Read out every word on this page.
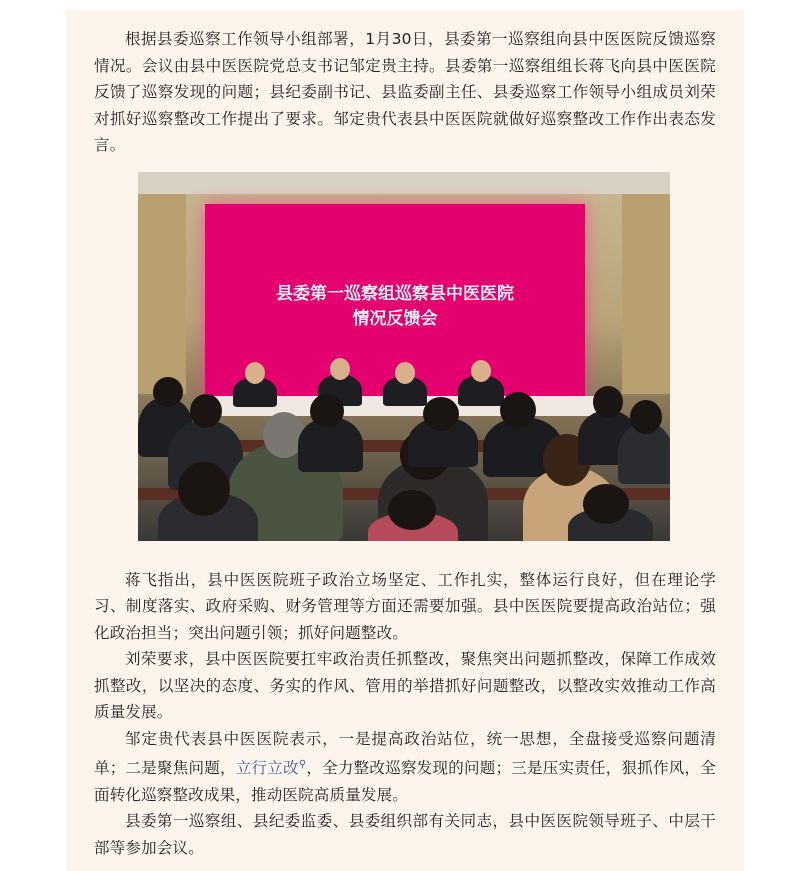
根据县委巡察工作领导小组部署，1月30日，县委第一巡察组向县中医医院反馈巡察情况。会议由县中医医院党总支书记邹定贵主持。县委第一巡察组组长蒋飞向县中医医院反馈了巡察发现的问题；县纪委副书记、县监委副主任、县委巡察工作领导小组成员刘荣对抓好巡察整改工作提出了要求。邹定贵代表县中医医院就做好巡察整改工作作出表态发言。

县委第一巡察组巡察县中医医院
情况反馈会

蒋飞指出，县中医医院班子政治立场坚定、工作扎实，整体运行良好，但在理论学习、制度落实、政府采购、财务管理等方面还需要加强。县中医医院要提高政治站位；强化政治担当；突出问题引领；抓好问题整改。

刘荣要求，县中医医院要扛牢政治责任抓整改，聚焦突出问题抓整改，保障工作成效抓整改，以坚决的态度、务实的作风、管用的举措抓好问题整改，以整改实效推动工作高质量发展。

邹定贵代表县中医医院表示，一是提高政治站位，统一思想，全盘接受巡察问题清单；二是聚焦问题，立行立改⚲，全力整改巡察发现的问题；三是压实责任，狠抓作风，全面转化巡察整改成果，推动医院高质量发展。

县委第一巡察组、县纪委监委、县委组织部有关同志，县中医医院领导班子、中层干部等参加会议。
